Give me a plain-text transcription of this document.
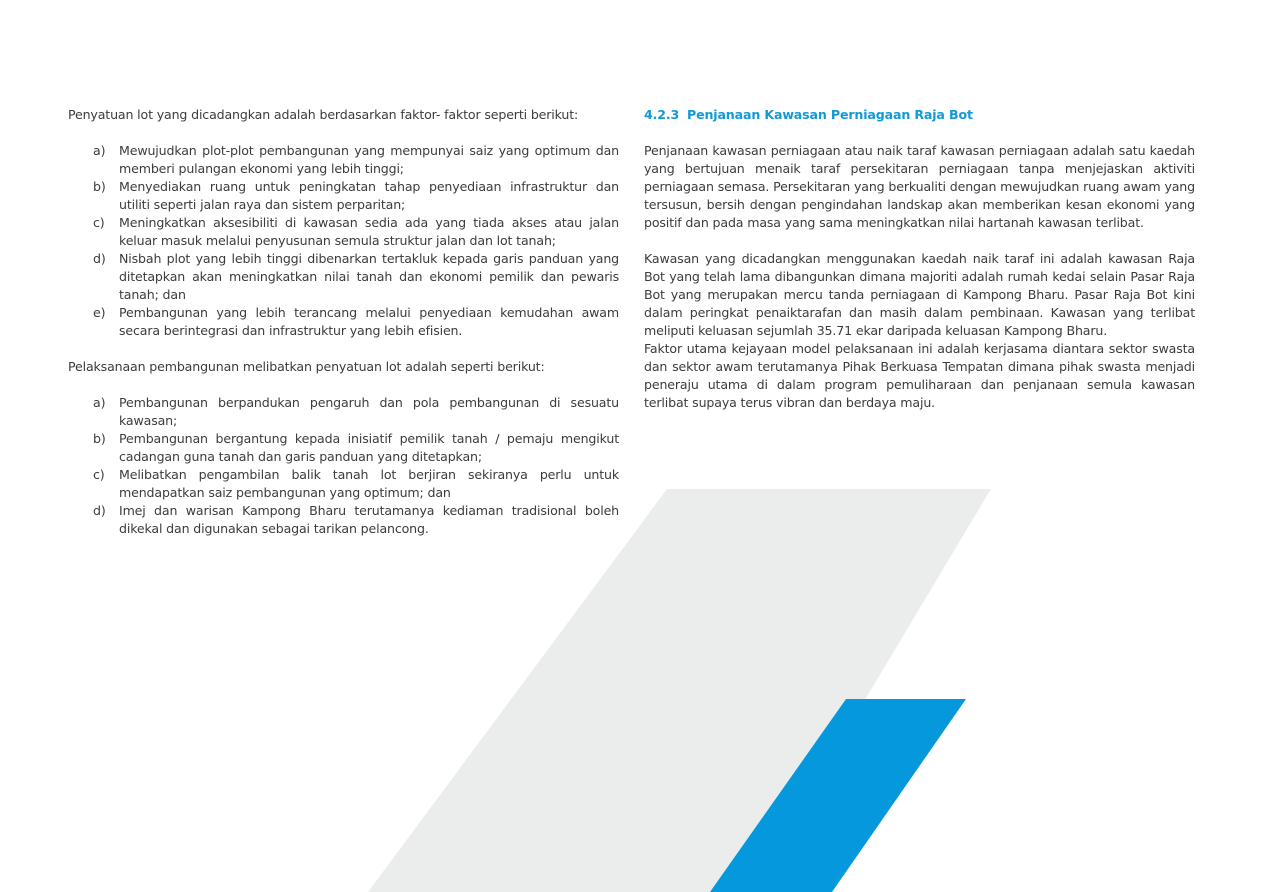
Penyatuan lot yang dicadangkan adalah berdasarkan faktor- faktor seperti berikut:

a) Mewujudkan plot-plot pembangunan yang mempunyai saiz yang optimum dan memberi pulangan ekonomi yang lebih tinggi;
b) Menyediakan ruang untuk peningkatan tahap penyediaan infrastruktur dan utiliti seperti jalan raya dan sistem perparitan;
c) Meningkatkan aksesibiliti di kawasan sedia ada yang tiada akses atau jalan keluar masuk melalui penyusunan semula struktur jalan dan lot tanah;
d) Nisbah plot yang lebih tinggi dibenarkan tertakluk kepada garis panduan yang ditetapkan akan meningkatkan nilai tanah dan ekonomi pemilik dan pewaris tanah; dan
e) Pembangunan yang lebih terancang melalui penyediaan kemudahan awam secara berintegrasi dan infrastruktur yang lebih efisien.

Pelaksanaan pembangunan melibatkan penyatuan lot adalah seperti berikut:

a) Pembangunan berpandukan pengaruh dan pola pembangunan di sesuatu kawasan;
b) Pembangunan bergantung kepada inisiatif pemilik tanah / pemaju mengikut cadangan guna tanah dan garis panduan yang ditetapkan;
c) Melibatkan pengambilan balik tanah lot berjiran sekiranya perlu untuk mendapatkan saiz pembangunan yang optimum; dan
d) Imej dan warisan Kampong Bharu terutamanya kediaman tradisional boleh dikekal dan digunakan sebagai tarikan pelancong.
4.2.3 Penjanaan Kawasan Perniagaan Raja Bot

Penjanaan kawasan perniagaan atau naik taraf kawasan perniagaan adalah satu kaedah yang bertujuan menaik taraf persekitaran perniagaan tanpa menjejaskan aktiviti perniagaan semasa. Persekitaran yang berkualiti dengan mewujudkan ruang awam yang tersusun, bersih dengan pengindahan landskap akan memberikan kesan ekonomi yang positif dan pada masa yang sama meningkatkan nilai hartanah kawasan terlibat.

Kawasan yang dicadangkan menggunakan kaedah naik taraf ini adalah kawasan Raja Bot yang telah lama dibangunkan dimana majoriti adalah rumah kedai selain Pasar Raja Bot yang merupakan mercu tanda perniagaan di Kampong Bharu. Pasar Raja Bot kini dalam peringkat penaiktarafan dan masih dalam pembinaan. Kawasan yang terlibat meliputi keluasan sejumlah 35.71 ekar daripada keluasan Kampong Bharu.

Faktor utama kejayaan model pelaksanaan ini adalah kerjasama diantara sektor swasta dan sektor awam terutamanya Pihak Berkuasa Tempatan dimana pihak swasta menjadi peneraju utama di dalam program pemuliharaan dan penjanaan semula kawasan terlibat supaya terus vibran dan berdaya maju.
